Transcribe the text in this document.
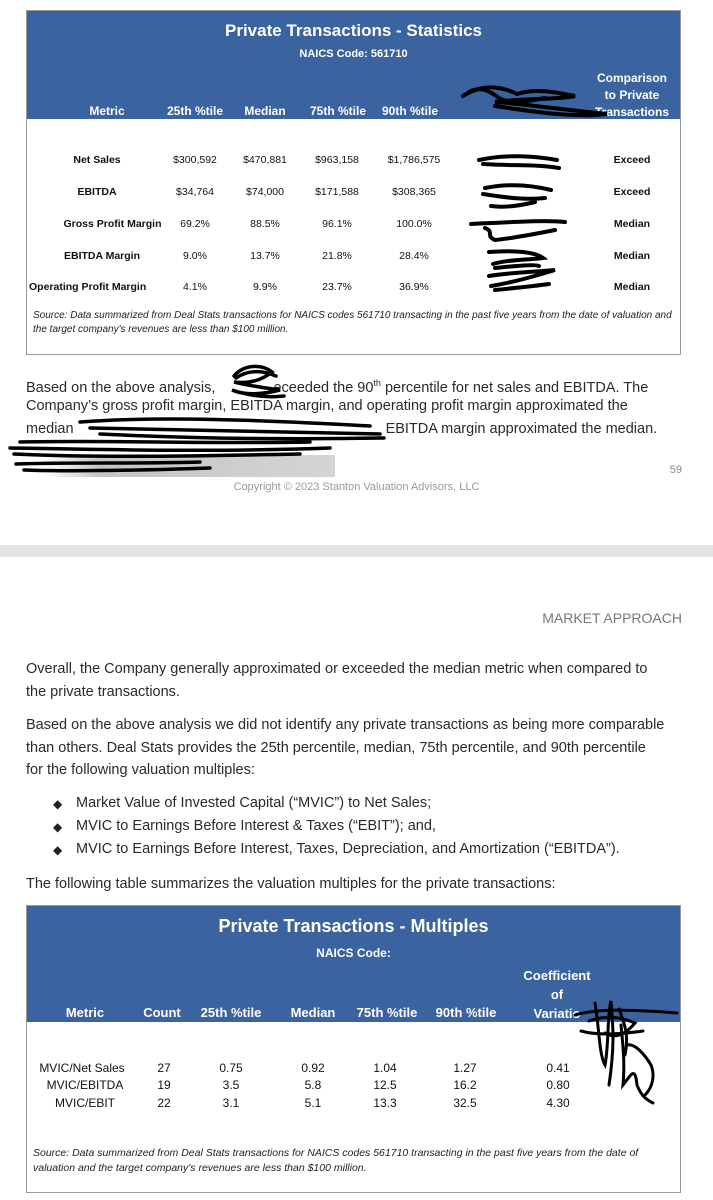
Private Transactions - Statistics
NAICS Code: 561710
Metric	25th %tile	Median	75th %tile	90th %tile
Comparison
to Private
Transactions
Net Sales	$300,592	$470,881	$963,158	$1,786,575	Exceed
EBITDA	$34,764	$74,000	$171,588	$308,365	Exceed
Gross Profit Margin	69.2%	88.5%	96.1%	100.0%	Median
EBITDA Margin	9.0%	13.7%	21.8%	28.4%	Median
Operating Profit Margin	4.1%	9.9%	23.7%	36.9%	Median
Source: Data summarized from Deal Stats transactions for NAICS codes 561710 transacting in the past five years from the date of valuation and the target company's revenues are less than $100 million.
Based on the above analysis,	eceeded the 90th percentile for net sales and EBITDA. The
Company’s gross profit margin, EBITDA margin, and operating profit margin approximated the
median	EBITDA margin approximated the median.
59
Copyright © 2023 Stanton Valuation Advisors, LLC
MARKET APPROACH
Overall, the Company generally approximated or exceeded the median metric when compared to
the private transactions.
Based on the above analysis we did not identify any private transactions as being more comparable
than others. Deal Stats provides the 25th percentile, median, 75th percentile, and 90th percentile
for the following valuation multiples:
◆ Market Value of Invested Capital (“MVIC”) to Net Sales;
◆ MVIC to Earnings Before Interest & Taxes (“EBIT”); and,
◆ MVIC to Earnings Before Interest, Taxes, Depreciation, and Amortization (“EBITDA”).
The following table summarizes the valuation multiples for the private transactions:
Private Transactions - Multiples
NAICS Code:
Metric	Count	25th %tile	Median	75th %tile	90th %tile
Coefficient
of
Variatio
MVIC/Net Sales	27	0.75	0.92	1.04	1.27	0.41
MVIC/EBITDA	19	3.5	5.8	12.5	16.2	0.80
MVIC/EBIT	22	3.1	5.1	13.3	32.5	4.30
Source: Data summarized from Deal Stats transactions for NAICS codes 561710 transacting in the past five years from the date of valuation and the target company's revenues are less than $100 million.
